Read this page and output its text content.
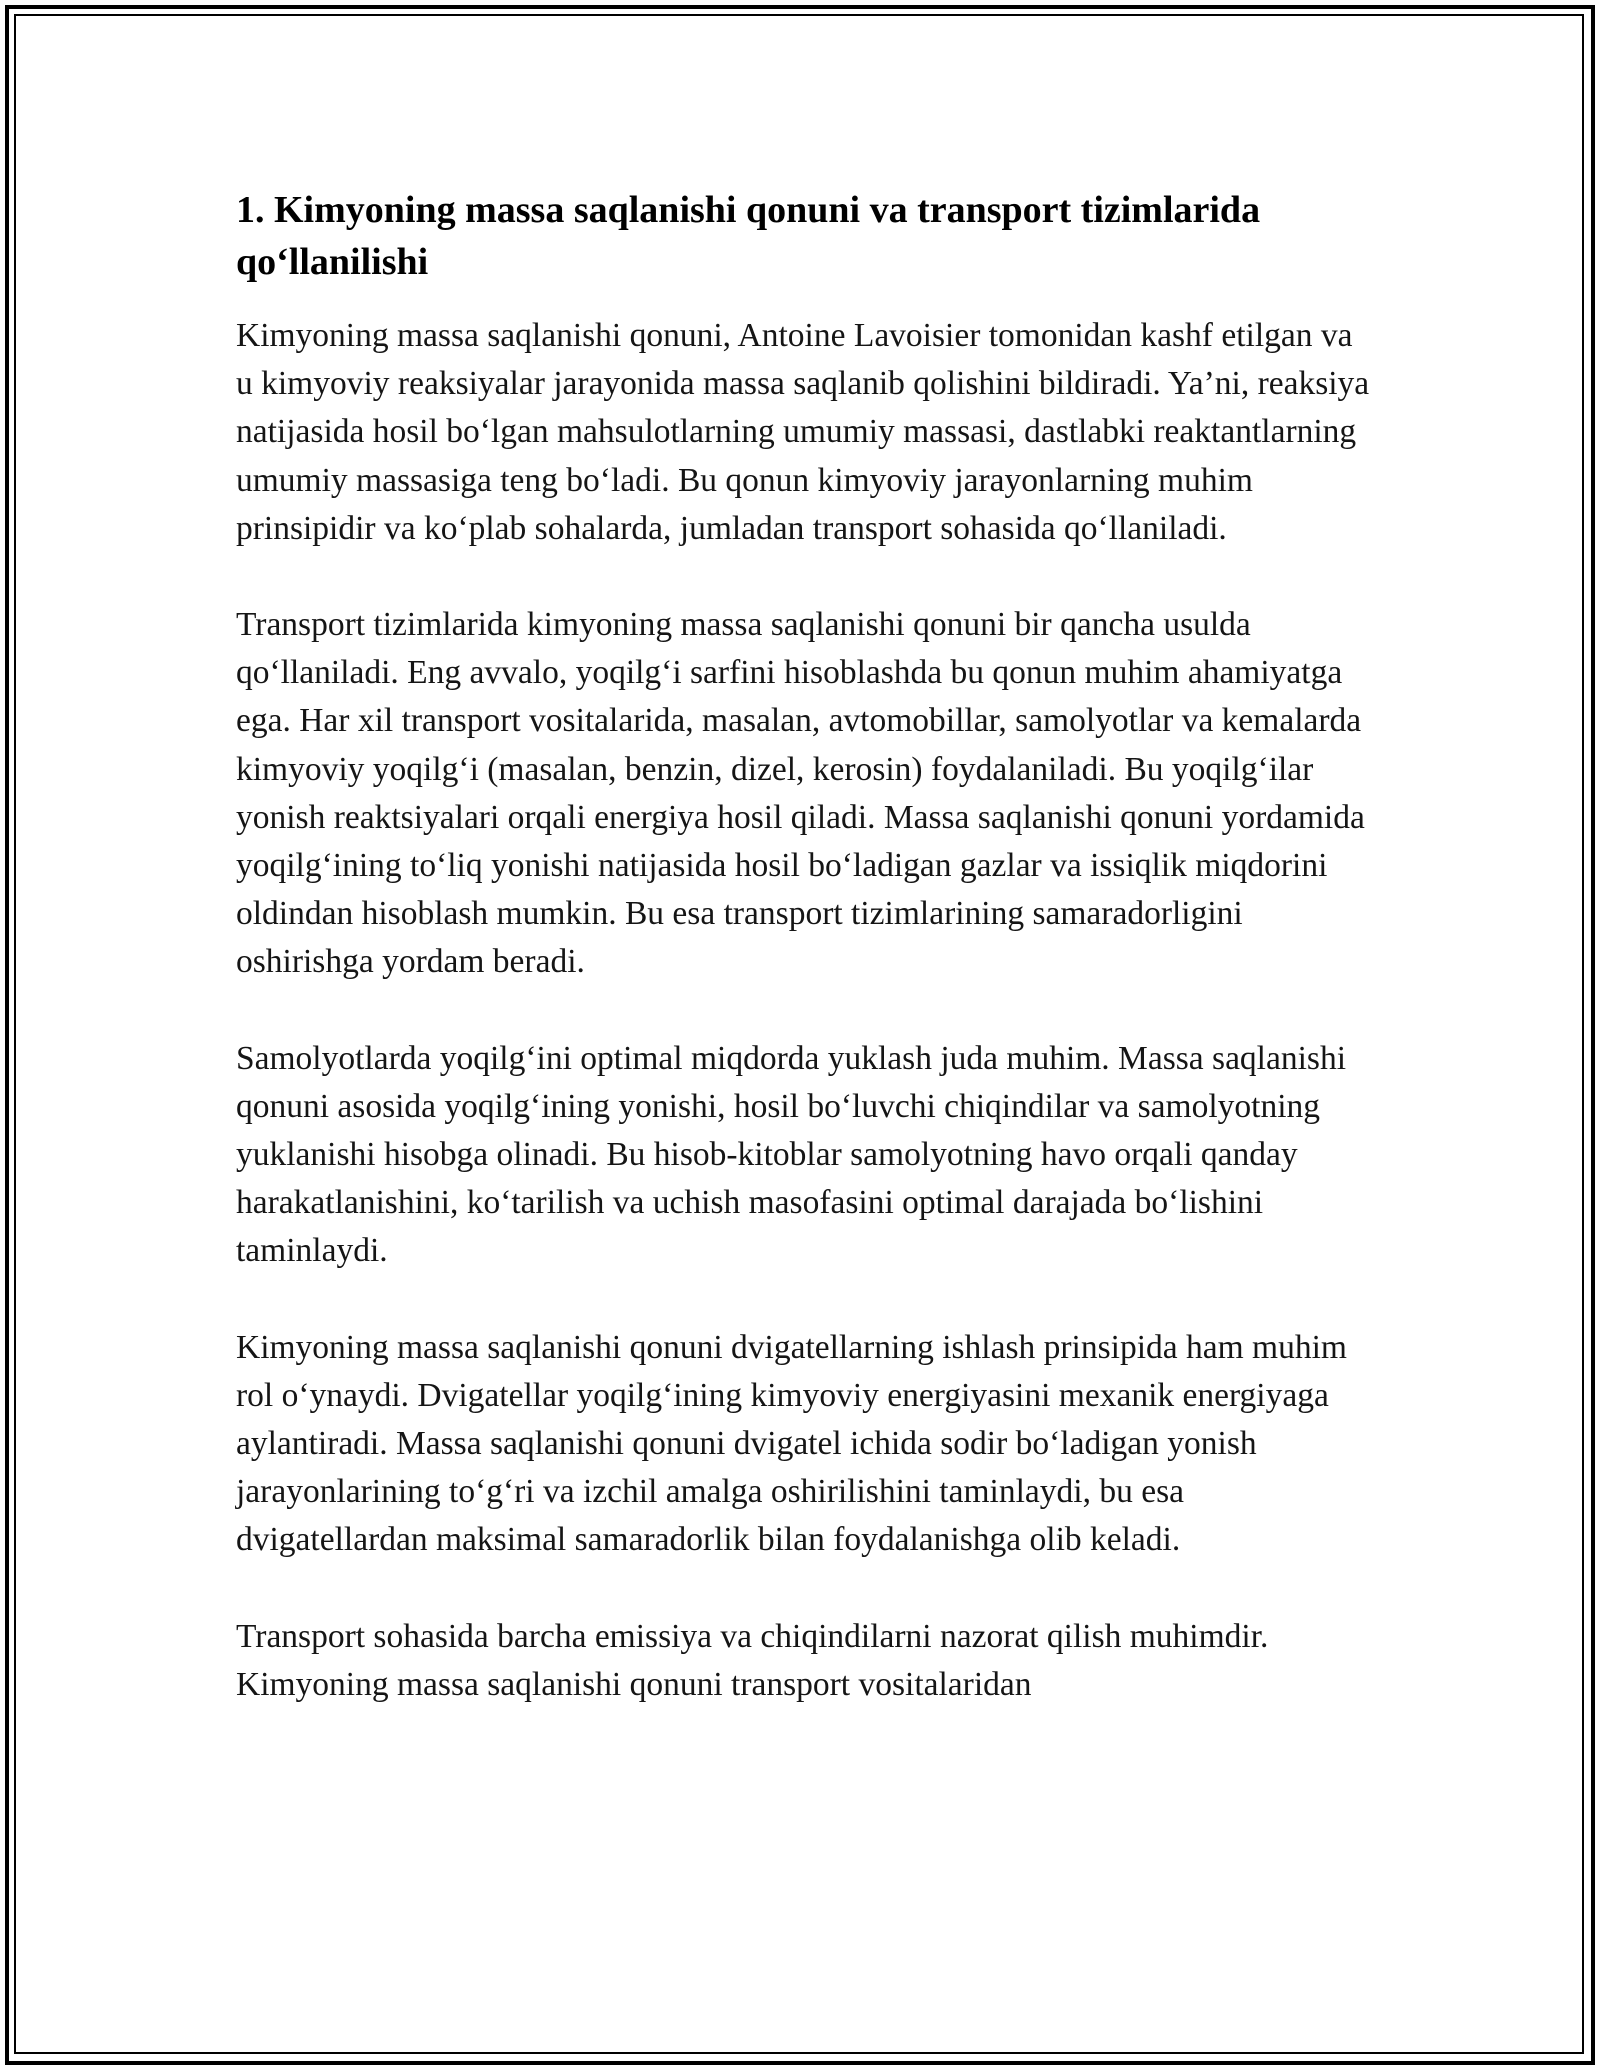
1. Kimyoning massa saqlanishi qonuni va transport tizimlarida qo‘llanilishi

Kimyoning massa saqlanishi qonuni, Antoine Lavoisier tomonidan kashf etilgan va u kimyoviy reaksiyalar jarayonida massa saqlanib qolishini bildiradi. Ya’ni, reaksiya natijasida hosil bo‘lgan mahsulotlarning umumiy massasi, dastlabki reaktantlarning umumiy massasiga teng bo‘ladi. Bu qonun kimyoviy jarayonlarning muhim prinsipidir va ko‘plab sohalarda, jumladan transport sohasida qo‘llaniladi.

Transport tizimlarida kimyoning massa saqlanishi qonuni bir qancha usulda qo‘llaniladi. Eng avvalo, yoqilg‘i sarfini hisoblashda bu qonun muhim ahamiyatga ega. Har xil transport vositalarida, masalan, avtomobillar, samolyotlar va kemalarda kimyoviy yoqilg‘i (masalan, benzin, dizel, kerosin) foydalaniladi. Bu yoqilg‘ilar yonish reaktsiyalari orqali energiya hosil qiladi. Massa saqlanishi qonuni yordamida yoqilg‘ining to‘liq yonishi natijasida hosil bo‘ladigan gazlar va issiqlik miqdorini oldindan hisoblash mumkin. Bu esa transport tizimlarining samaradorligini oshirishga yordam beradi.

Samolyotlarda yoqilg‘ini optimal miqdorda yuklash juda muhim. Massa saqlanishi qonuni asosida yoqilg‘ining yonishi, hosil bo‘luvchi chiqindilar va samolyotning yuklanishi hisobga olinadi. Bu hisob-kitoblar samolyotning havo orqali qanday harakatlanishini, ko‘tarilish va uchish masofasini optimal darajada bo‘lishini taminlaydi.

Kimyoning massa saqlanishi qonuni dvigatellarning ishlash prinsipida ham muhim rol o‘ynaydi. Dvigatellar yoqilg‘ining kimyoviy energiyasini mexanik energiyaga aylantiradi. Massa saqlanishi qonuni dvigatel ichida sodir bo‘ladigan yonish jarayonlarining to‘g‘ri va izchil amalga oshirilishini taminlaydi, bu esa dvigatellardan maksimal samaradorlik bilan foydalanishga olib keladi.

Transport sohasida barcha emissiya va chiqindilarni nazorat qilish muhimdir. Kimyoning massa saqlanishi qonuni transport vositalaridan
